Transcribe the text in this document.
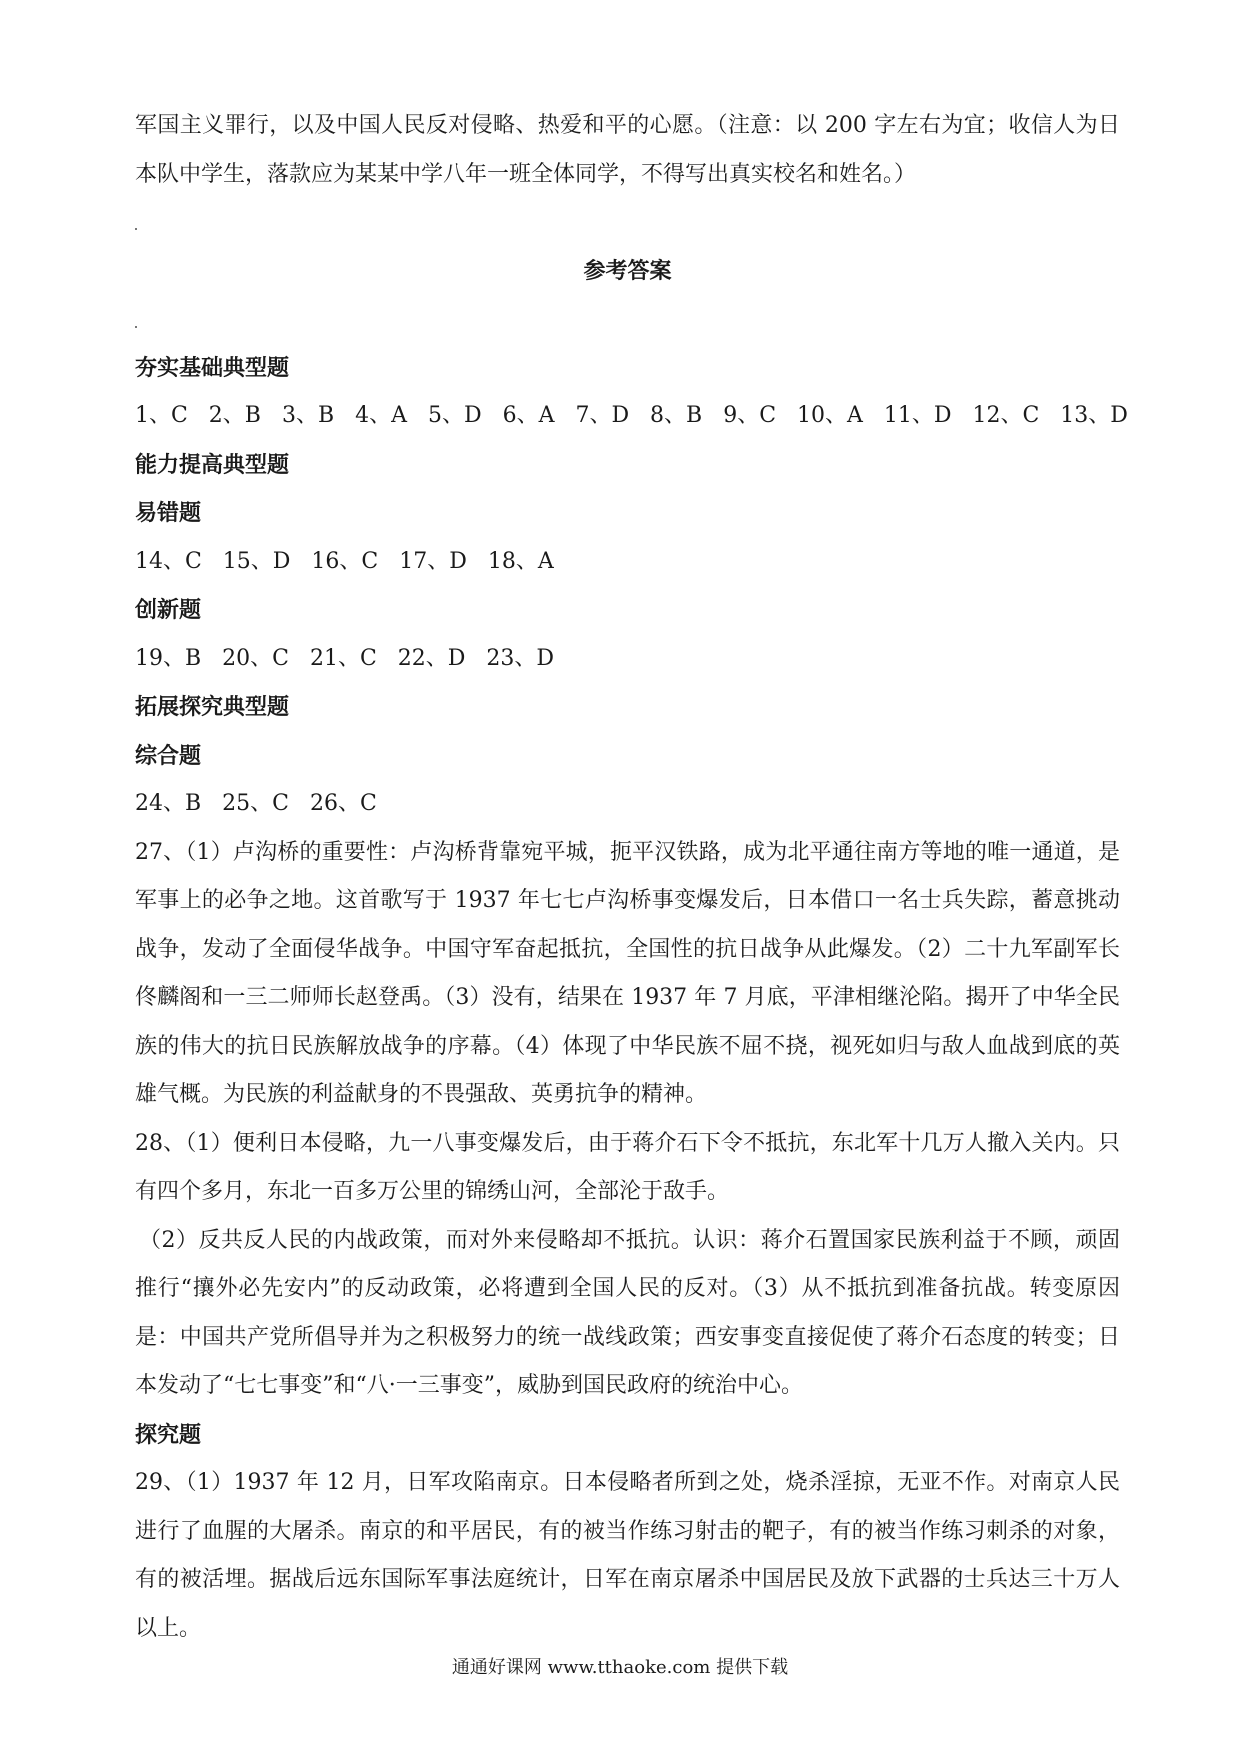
军国主义罪行，以及中国人民反对侵略、热爱和平的心愿。（注意：以 200 字左右为宜；收信人为日本队中学生，落款应为某某中学八年一班全体同学，不得写出真实校名和姓名。）

参考答案

夯实基础典型题

1、C   2、B   3、B   4、A   5、D   6、A   7、D   8、B   9、C   10、A   11、D   12、C   13、D

能力提高典型题

易错题

14、C   15、D   16、C   17、D   18、A

创新题

19、B   20、C   21、C   22、D   23、D

拓展探究典型题

综合题

24、B   25、C   26、C

27、（1）卢沟桥的重要性：卢沟桥背靠宛平城，扼平汉铁路，成为北平通往南方等地的唯一通道，是军事上的必争之地。这首歌写于 1937 年七七卢沟桥事变爆发后，日本借口一名士兵失踪，蓄意挑动战争，发动了全面侵华战争。中国守军奋起抵抗，全国性的抗日战争从此爆发。（2）二十九军副军长佟麟阁和一三二师师长赵登禹。（3）没有，结果在 1937 年 7 月底，平津相继沦陷。揭开了中华全民族的伟大的抗日民族解放战争的序幕。（4）体现了中华民族不屈不挠，视死如归与敌人血战到底的英雄气概。为民族的利益献身的不畏强敌、英勇抗争的精神。

28、（1）便利日本侵略，九一八事变爆发后，由于蒋介石下令不抵抗，东北军十几万人撤入关内。只有四个多月，东北一百多万公里的锦绣山河，全部沦于敌手。

（2）反共反人民的内战政策，而对外来侵略却不抵抗。认识：蒋介石置国家民族利益于不顾，顽固推行“攘外必先安内”的反动政策，必将遭到全国人民的反对。（3）从不抵抗到准备抗战。转变原因是：中国共产党所倡导并为之积极努力的统一战线政策；西安事变直接促使了蒋介石态度的转变；日本发动了“七七事变”和“八·一三事变”，威胁到国民政府的统治中心。

探究题

29、（1）1937 年 12 月，日军攻陷南京。日本侵略者所到之处，烧杀淫掠，无亚不作。对南京人民进行了血腥的大屠杀。南京的和平居民，有的被当作练习射击的靶子，有的被当作练习刺杀的对象，有的被活埋。据战后远东国际军事法庭统计，日军在南京屠杀中国居民及放下武器的士兵达三十万人以上。

通通好课网 www.tthaoke.com 提供下载
